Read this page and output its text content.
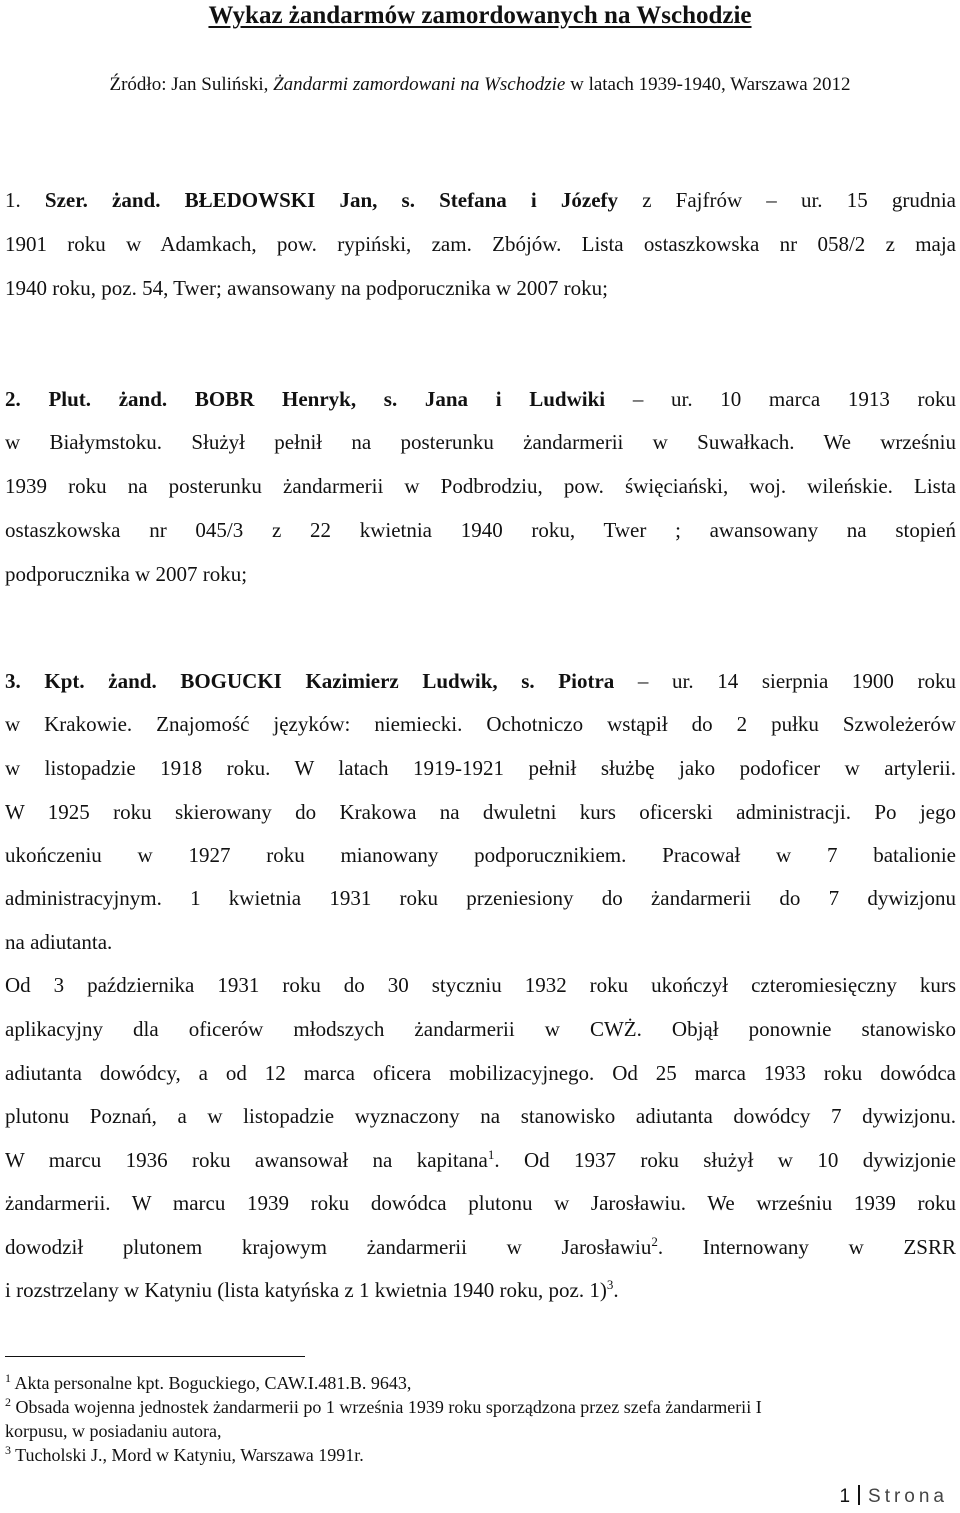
Wykaz żandarmów zamordowanych na Wschodzie
Źródło: Jan Suliński, Żandarmi zamordowani na Wschodzie w latach 1939-1940, Warszawa 2012
1. Szer. żand. BŁEDOWSKI Jan, s. Stefana i Józefy z Fajfrów – ur. 15 grudnia
1901 roku w Adamkach, pow. rypiński, zam. Zbójów. Lista ostaszkowska nr 058/2 z maja
1940 roku, poz. 54, Twer; awansowany na podporucznika w 2007 roku;
2. Plut. żand. BOBR Henryk, s. Jana i Ludwiki – ur. 10 marca 1913 roku
w Białymstoku. Służył pełnił na posterunku żandarmerii w Suwałkach. We wrześniu
1939 roku na posterunku żandarmerii w Podbrodziu, pow. święciański, woj. wileńskie. Lista
ostaszkowska nr 045/3 z 22 kwietnia 1940 roku, Twer ; awansowany na stopień
podporucznika w 2007 roku;
3. Kpt. żand. BOGUCKI Kazimierz Ludwik, s. Piotra – ur. 14 sierpnia 1900 roku
w Krakowie. Znajomość języków: niemiecki. Ochotniczo wstąpił do 2 pułku Szwoleżerów
w listopadzie 1918 roku. W latach 1919-1921 pełnił służbę jako podoficer w artylerii.
W 1925 roku skierowany do Krakowa na dwuletni kurs oficerski administracji. Po jego
ukończeniu w 1927 roku mianowany podporucznikiem. Pracował w 7 batalionie
administracyjnym. 1 kwietnia 1931 roku przeniesiony do żandarmerii do 7 dywizjonu
na adiutanta.
Od 3 października 1931 roku do 30 styczniu 1932 roku ukończył czteromiesięczny kurs
aplikacyjny dla oficerów młodszych żandarmerii w CWŻ. Objął ponownie stanowisko
adiutanta dowódcy, a od 12 marca oficera mobilizacyjnego. Od 25 marca 1933 roku dowódca
plutonu Poznań, a w listopadzie wyznaczony na stanowisko adiutanta dowódcy 7 dywizjonu.
W marcu 1936 roku awansował na kapitana$^1$. Od 1937 roku służył w 10 dywizjonie
żandarmerii. W marcu 1939 roku dowódca plutonu w Jarosławiu. We wrześniu 1939 roku
dowodził plutonem krajowym żandarmerii w Jarosławiu$^2$. Internowany w ZSRR
i rozstrzelany w Katyniu (lista katyńska z 1 kwietnia 1940 roku, poz. 1)$^3$.
$^1$ Akta personalne kpt. Boguckiego, CAW.I.481.B. 9643,
$^2$ Obsada wojenna jednostek żandarmerii po 1 września 1939 roku sporządzona przez szefa żandarmerii I
korpusu, w posiadaniu autora,
$^3$ Tucholski J., Mord w Katyniu, Warszawa 1991r.
1 Strona
